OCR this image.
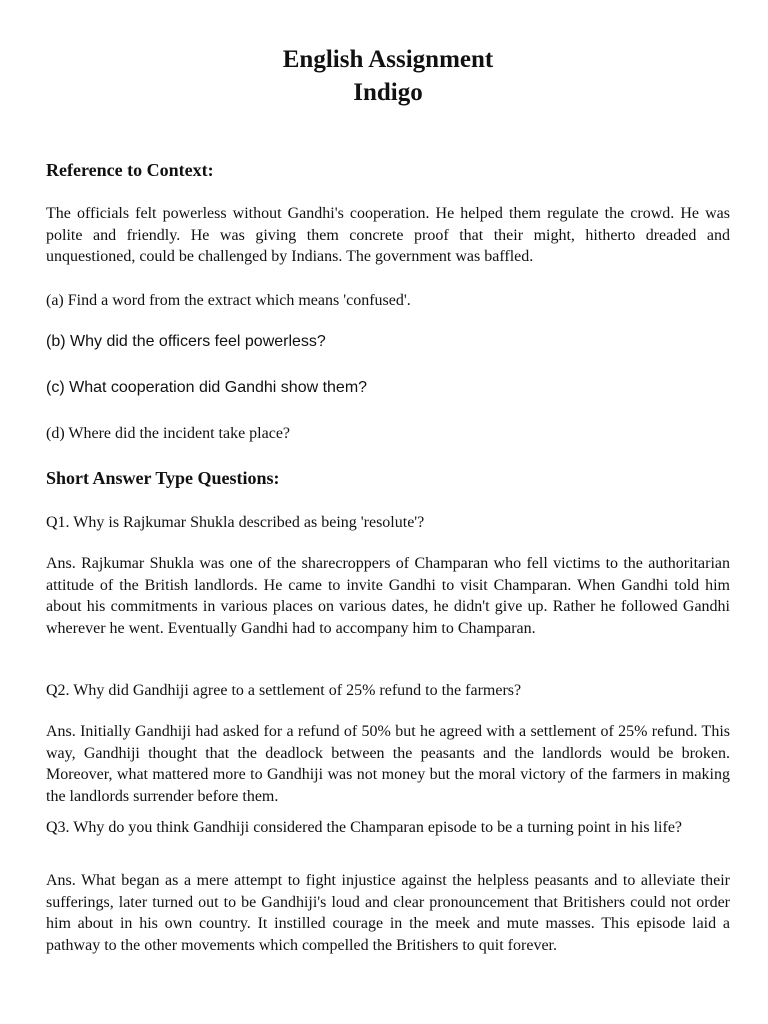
English Assignment
Indigo
Reference to Context:

The officials felt powerless without Gandhi's cooperation. He helped them regulate the crowd. He was polite and friendly. He was giving them concrete proof that their might, hitherto dreaded and unquestioned, could be challenged by Indians. The government was baffled.

(a) Find a word from the extract which means 'confused'.

(b) Why did the officers feel powerless?

(c) What cooperation did Gandhi show them?

(d) Where did the incident take place?

Short Answer Type Questions:

Q1. Why is Rajkumar Shukla described as being 'resolute'?

Ans. Rajkumar Shukla was one of the sharecroppers of Champaran who fell victims to the authoritarian attitude of the British landlords. He came to invite Gandhi to visit Champaran. When Gandhi told him about his commitments in various places on various dates, he didn't give up. Rather he followed Gandhi wherever he went. Eventually Gandhi had to accompany him to Champaran.

Q2. Why did Gandhiji agree to a settlement of 25% refund to the farmers?

Ans. Initially Gandhiji had asked for a refund of 50% but he agreed with a settlement of 25% refund. This way, Gandhiji thought that the deadlock between the peasants and the landlords would be broken. Moreover, what mattered more to Gandhiji was not money but the moral victory of the farmers in making the landlords surrender before them.

Q3. Why do you think Gandhiji considered the Champaran episode to be a turning point in his life?

Ans. What began as a mere attempt to fight injustice against the helpless peasants and to alleviate their sufferings, later turned out to be Gandhiji's loud and clear pronouncement that Britishers could not order him about in his own country. It instilled courage in the meek and mute masses. This episode laid a pathway to the other movements which compelled the Britishers to quit forever.
